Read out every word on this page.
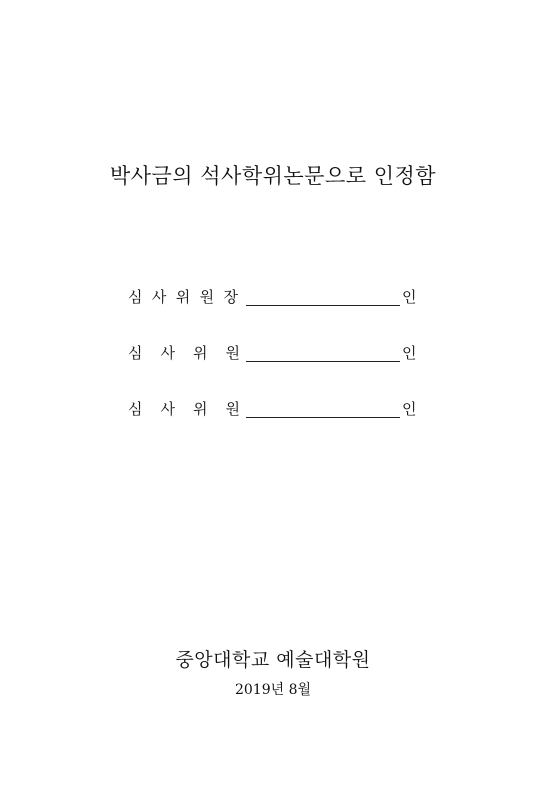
박사금의 석사학위논문으로 인정함
심 사 위 원 장	인
심 사 위 원	인
심 사 위 원	인
중앙대학교 예술대학원
2019년 8월
